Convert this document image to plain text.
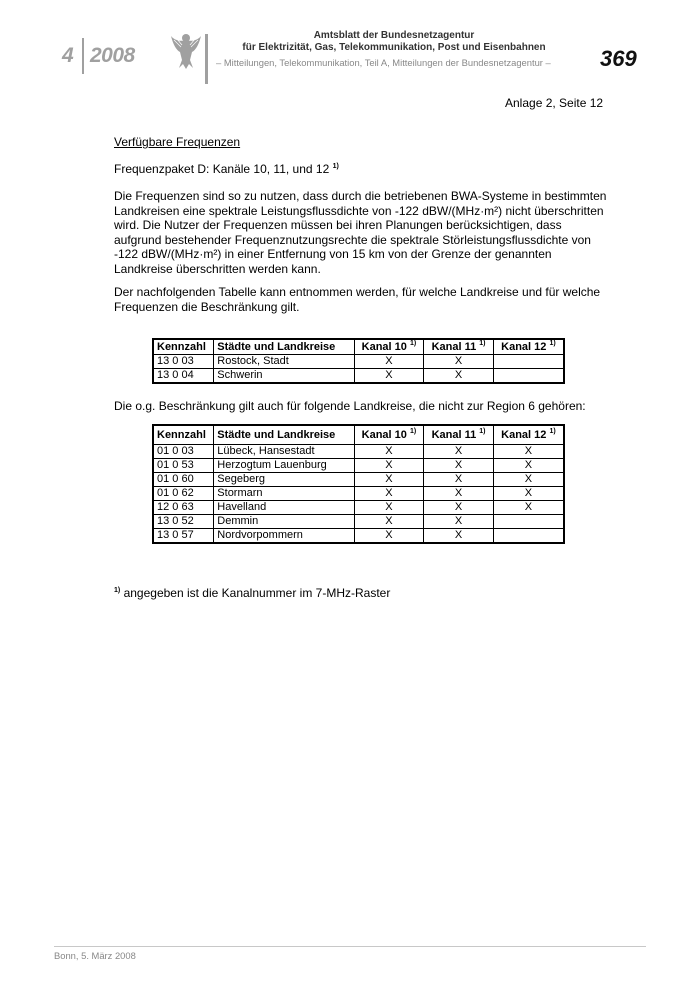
4 2008
Amtsblatt der Bundesnetzagentur
für Elektrizität, Gas, Telekommunikation, Post und Eisenbahnen
– Mitteilungen, Telekommunikation, Teil A, Mitteilungen der Bundesnetzagentur – 369
Anlage 2, Seite 12
Verfügbare Frequenzen
Frequenzpaket D: Kanäle 10, 11, und 12 $^{1)}$
Die Frequenzen sind so zu nutzen, dass durch die betriebenen BWA-Systeme in bestimmten
Landkreisen eine spektrale Leistungsflussdichte von -122 dBW/(MHz·m²) nicht überschritten
wird. Die Nutzer der Frequenzen müssen bei ihren Planungen berücksichtigen, dass
aufgrund bestehender Frequenznutzungsrechte die spektrale Störleistungsflussdichte von
-122 dBW/(MHz·m²) in einer Entfernung von 15 km von der Grenze der genannten
Landkreise überschritten werden kann.
Der nachfolgenden Tabelle kann entnommen werden, für welche Landkreise und für welche
Frequenzen die Beschränkung gilt.
Kennzahl	Städte und Landkreise	Kanal 10 $^{1)}$	Kanal 11 $^{1)}$	Kanal 12 $^{1)}$
13 0 03	Rostock, Stadt	X	X	
13 0 04	Schwerin	X	X	
Die o.g. Beschränkung gilt auch für folgende Landkreise, die nicht zur Region 6 gehören:
Kennzahl	Städte und Landkreise	Kanal 10 $^{1)}$	Kanal 11 $^{1)}$	Kanal 12 $^{1)}$
01 0 03	Lübeck, Hansestadt	X	X	X
01 0 53	Herzogtum Lauenburg	X	X	X
01 0 60	Segeberg	X	X	X
01 0 62	Stormarn	X	X	X
12 0 63	Havelland	X	X	X
13 0 52	Demmin	X	X	
13 0 57	Nordvorpommern	X	X	
$^{1)}$ angegeben ist die Kanalnummer im 7-MHz-Raster
Bonn, 5. März 2008
